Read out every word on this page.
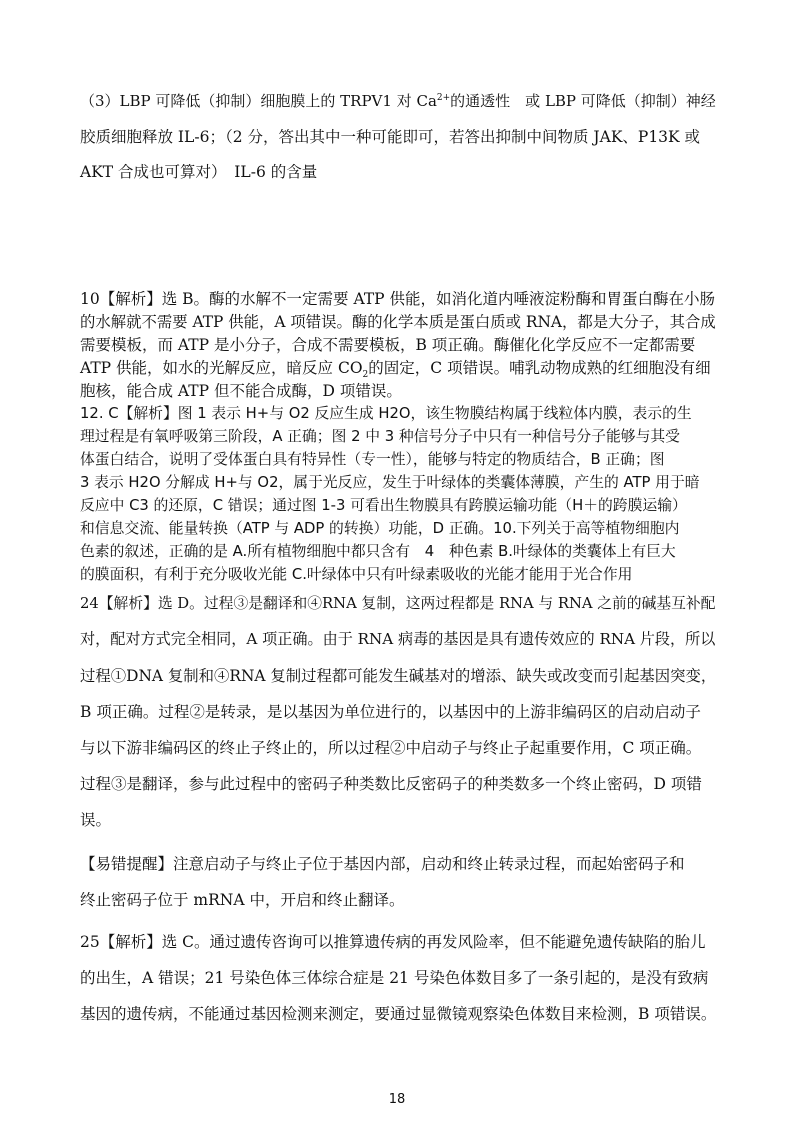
（3）LBP 可降低（抑制）细胞膜上的 TRPV1 对 $Ca^{2+}$的通透性　或 LBP 可降低（抑制）神经
胶质细胞释放 IL-6；（2 分，答出其中一种可能即可，若答出抑制中间物质 JAK、P13K 或
AKT 合成也可算对）　IL-6 的含量
10【解析】选 B。酶的水解不一定需要 ATP 供能，如消化道内唾液淀粉酶和胃蛋白酶在小肠
的水解就不需要 ATP 供能，A 项错误。酶的化学本质是蛋白质或 RNA，都是大分子，其合成
需要模板，而 ATP 是小分子，合成不需要模板，B 项正确。酶催化化学反应不一定都需要
ATP 供能，如水的光解反应，暗反应 $CO_2$的固定，C 项错误。哺乳动物成熟的红细胞没有细
胞核，能合成 ATP 但不能合成酶，D 项错误。
12. C【解析】图 1 表示 H+与 O2 反应生成 H2O，该生物膜结构属于线粒体内膜，表示的生
理过程是有氧呼吸第三阶段，A 正确；图 2 中 3 种信号分子中只有一种信号分子能够与其受
体蛋白结合，说明了受体蛋白具有特异性（专一性），能够与特定的物质结合，B 正确；图
3 表示 H2O 分解成 H+与 O2，属于光反应，发生于叶绿体的类囊体薄膜，产生的 ATP 用于暗
反应中 C3 的还原，C 错误；通过图 1-3 可看出生物膜具有跨膜运输功能（H＋的跨膜运输）
和信息交流、能量转换（ATP 与 ADP 的转换）功能，D 正确。10.下列关于高等植物细胞内
色素的叙述，正确的是 A.所有植物细胞中都只含有　4　种色素 B.叶绿体的类囊体上有巨大
的膜面积，有利于充分吸收光能 C.叶绿体中只有叶绿素吸收的光能才能用于光合作用
24【解析】选 D。过程③是翻译和④RNA 复制，这两过程都是 RNA 与 RNA 之前的碱基互补配
对，配对方式完全相同，A 项正确。由于 RNA 病毒的基因是具有遗传效应的 RNA 片段，所以
过程①DNA 复制和④RNA 复制过程都可能发生碱基对的增添、缺失或改变而引起基因突变，
B 项正确。过程②是转录，是以基因为单位进行的，以基因中的上游非编码区的启动启动子
与以下游非编码区的终止子终止的，所以过程②中启动子与终止子起重要作用，C 项正确。
过程③是翻译，参与此过程中的密码子种类数比反密码子的种类数多一个终止密码，D 项错
误。
【易错提醒】注意启动子与终止子位于基因内部，启动和终止转录过程，而起始密码子和
终止密码子位于 mRNA 中，开启和终止翻译。
25【解析】选 C。通过遗传咨询可以推算遗传病的再发风险率，但不能避免遗传缺陷的胎儿
的出生，A 错误；21 号染色体三体综合症是 21 号染色体数目多了一条引起的，是没有致病
基因的遗传病，不能通过基因检测来测定，要通过显微镜观察染色体数目来检测，B 项错误。
18
